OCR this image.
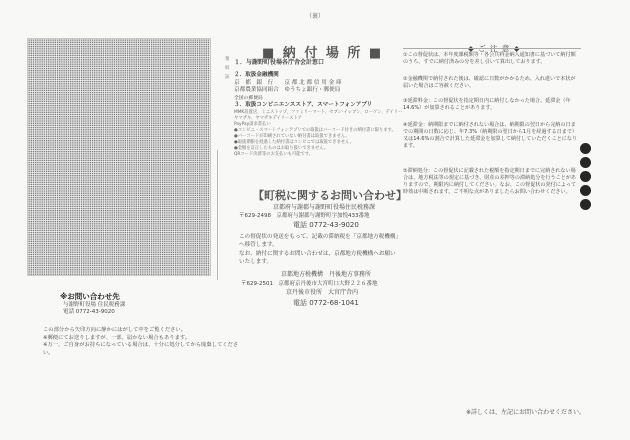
（裏）
※お問い合わせ先
与謝野町役場 住民税務課
電話 0772-43-9020
この部分から矢印方向に静かにはがして中をご覧ください。
※郵便にてお送りしますが、一部、届かない場合もあります。
※万一、ご自身がお持ちになっている場合は、十分に処分してから廃棄してください。
領
収
証
■ 納 付 場 所 ■
１．与謝野町役場各庁舎会計窓口
２．取扱金融機関
京　都　銀　行　　京 都 北 都 信 用 金 庫
京都農業協同組合　ゆうちょ銀行・郵便局
全国の郵便局
３．取扱コンビニエンスストア、スマートフォンアプリ
MMK設置店、ミニストップ、ファミリーマート、セブン-イレブン、ローソン、デイリーヤマザキ、ヤマザキデイリーストア
PayPay請求書払い
●コンビニ・スマートフォンアプリでの取扱はバーコード付きの納付書に限ります。
●バーコードが印刷されていない納付書は取扱できません。
●取扱期限を経過した納付書はコンビニでは取扱できません。
●金額を訂正したものはお取り扱いできません。
QRコード決済等のお支払いも可能です。
【町税に関するお問い合わせ】
京都府与謝郡与謝野町役場住民税務課
〒629-2498　京都府与謝郡与謝野町字加悦433番地
電話 0772-43-9020
この督促状の発送をもって、記載の滞納税を「京都地方税機構」へ移管します。
なお、納付に関するお問い合わせは、京都地方税機構へお願いいたします。
京都地方税機構　丹後地方事務所
〒629-2501　京都府京丹後市大宮町口大野２２６番地
京丹後市役所　大宮庁舎内
電話 0772-68-1041
①この督促状は、本年度課税額等・各公共料金納入通知書に基づいて納付額のうち、すでに納付済みの分を差し引いて算出しております。
②金融機関で納付された後は、確認に日数がかかるため、入れ違いで本状が届いた場合はご容赦ください。
③延滞料金：この督促状を指定期日内に納付しなかった場合、延滞金（年14.6%）が加算されることがあります。
④延滞金：納期限までに納付されない場合は、納期限の翌日から完納の日までの期間の日数に応じ、年7.3%（納期限の翌日から1月を経過する日まで）又は14.6%の割合で計算した延滞金を加算して納付していただくことになります。
⑤滞納処分：この督促状に記載された税額を指定期日までに完納されない場合は、地方税法等の規定に基づき、財産の差押等の滞納処分を行うことがありますので、期限内に納付してください。なお、この督促状の発付によって時効は中断されます。ご不明な点がありましたらお問い合わせください。
※詳しくは、左記にお問い合わせください。
